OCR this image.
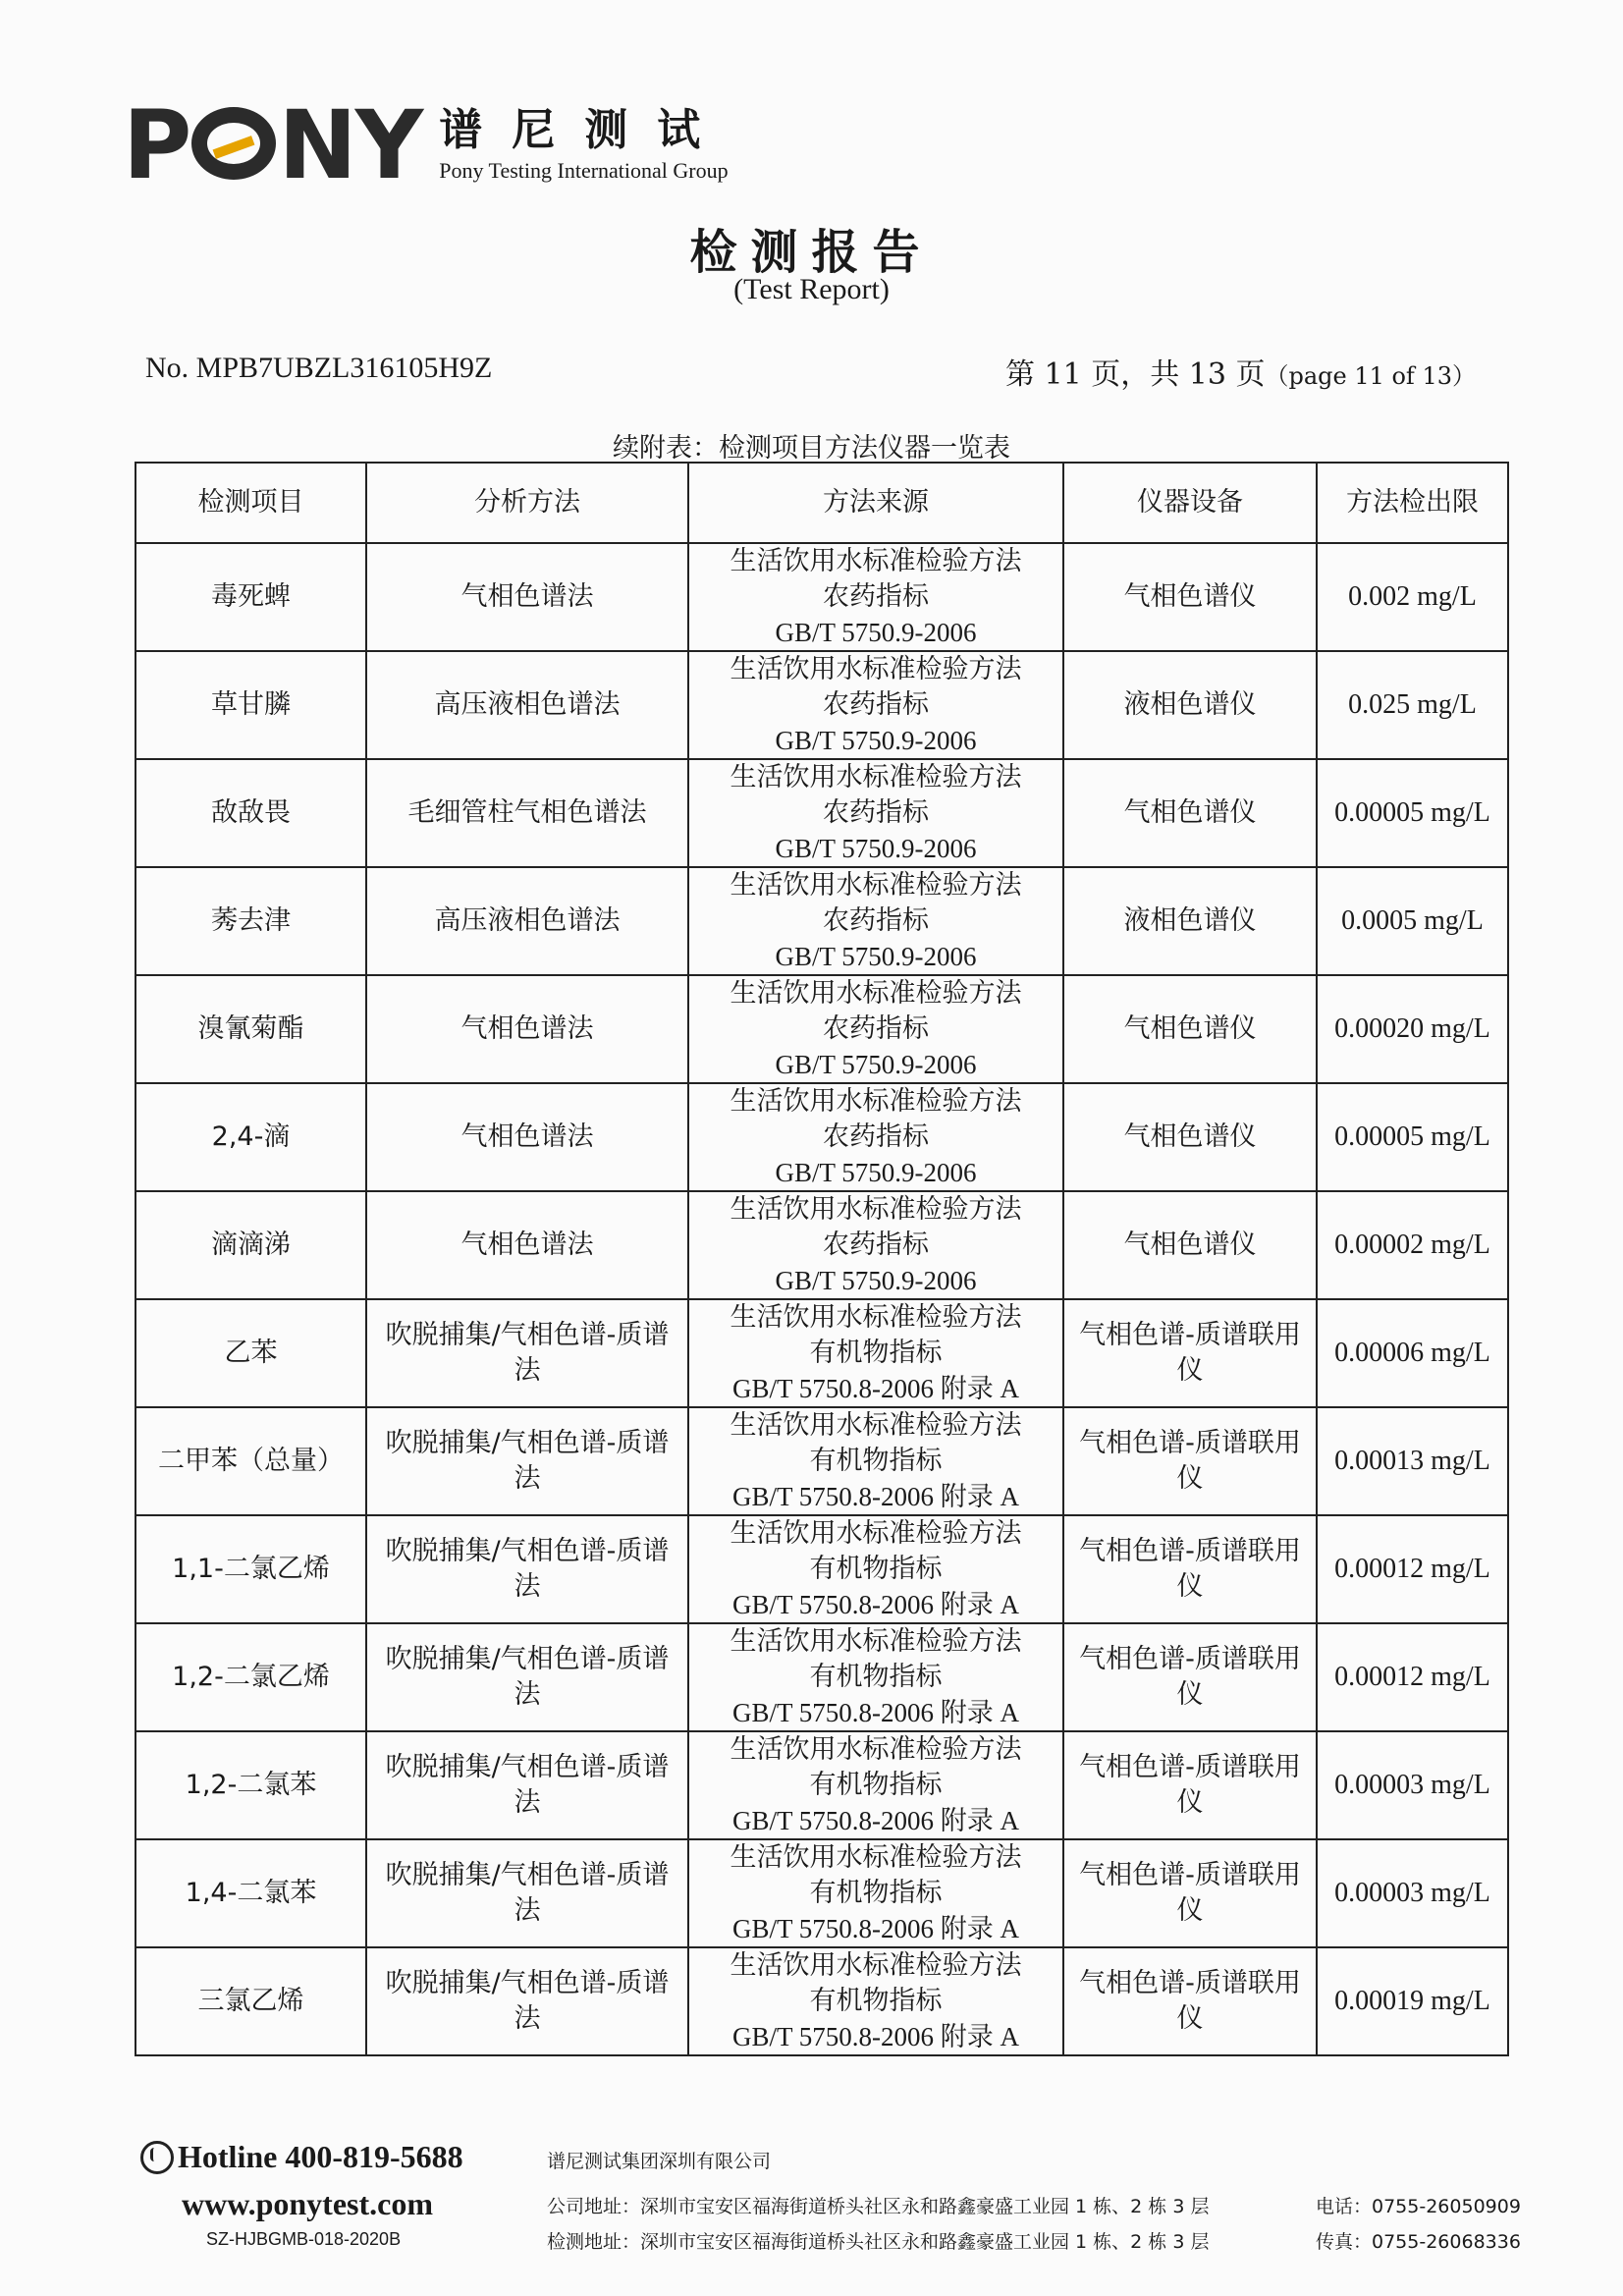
P NY 谱尼测试
Pony Testing International Group
检测报告
(Test Report)
No. MPB7UBZL316105H9Z	第 11 页，共 13 页（page 11 of 13）
续附表：检测项目方法仪器一览表
检测项目	分析方法	方法来源	仪器设备	方法检出限
毒死蜱	气相色谱法	生活饮用水标准检验方法
农药指标
GB/T 5750.9-2006	气相色谱仪	0.002 mg/L
草甘膦	高压液相色谱法	生活饮用水标准检验方法
农药指标
GB/T 5750.9-2006	液相色谱仪	0.025 mg/L
敌敌畏	毛细管柱气相色谱法	生活饮用水标准检验方法
农药指标
GB/T 5750.9-2006	气相色谱仪	0.00005 mg/L
莠去津	高压液相色谱法	生活饮用水标准检验方法
农药指标
GB/T 5750.9-2006	液相色谱仪	0.0005 mg/L
溴氰菊酯	气相色谱法	生活饮用水标准检验方法
农药指标
GB/T 5750.9-2006	气相色谱仪	0.00020 mg/L
2,4-滴	气相色谱法	生活饮用水标准检验方法
农药指标
GB/T 5750.9-2006	气相色谱仪	0.00005 mg/L
滴滴涕	气相色谱法	生活饮用水标准检验方法
农药指标
GB/T 5750.9-2006	气相色谱仪	0.00002 mg/L
乙苯	吹脱捕集/气相色谱-质谱法	生活饮用水标准检验方法
有机物指标
GB/T 5750.8-2006 附录 A	气相色谱-质谱联用仪	0.00006 mg/L
二甲苯（总量）	吹脱捕集/气相色谱-质谱法	生活饮用水标准检验方法
有机物指标
GB/T 5750.8-2006 附录 A	气相色谱-质谱联用仪	0.00013 mg/L
1,1-二氯乙烯	吹脱捕集/气相色谱-质谱法	生活饮用水标准检验方法
有机物指标
GB/T 5750.8-2006 附录 A	气相色谱-质谱联用仪	0.00012 mg/L
1,2-二氯乙烯	吹脱捕集/气相色谱-质谱法	生活饮用水标准检验方法
有机物指标
GB/T 5750.8-2006 附录 A	气相色谱-质谱联用仪	0.00012 mg/L
1,2-二氯苯	吹脱捕集/气相色谱-质谱法	生活饮用水标准检验方法
有机物指标
GB/T 5750.8-2006 附录 A	气相色谱-质谱联用仪	0.00003 mg/L
1,4-二氯苯	吹脱捕集/气相色谱-质谱法	生活饮用水标准检验方法
有机物指标
GB/T 5750.8-2006 附录 A	气相色谱-质谱联用仪	0.00003 mg/L
三氯乙烯	吹脱捕集/气相色谱-质谱法	生活饮用水标准检验方法
有机物指标
GB/T 5750.8-2006 附录 A	气相色谱-质谱联用仪	0.00019 mg/L
Hotline 400-819-5688
www.ponytest.com
SZ-HJBGMB-018-2020B
谱尼测试集团深圳有限公司
公司地址：深圳市宝安区福海街道桥头社区永和路鑫豪盛工业园 1 栋、2 栋 3 层
检测地址：深圳市宝安区福海街道桥头社区永和路鑫豪盛工业园 1 栋、2 栋 3 层
电话：0755-26050909
传真：0755-26068336
